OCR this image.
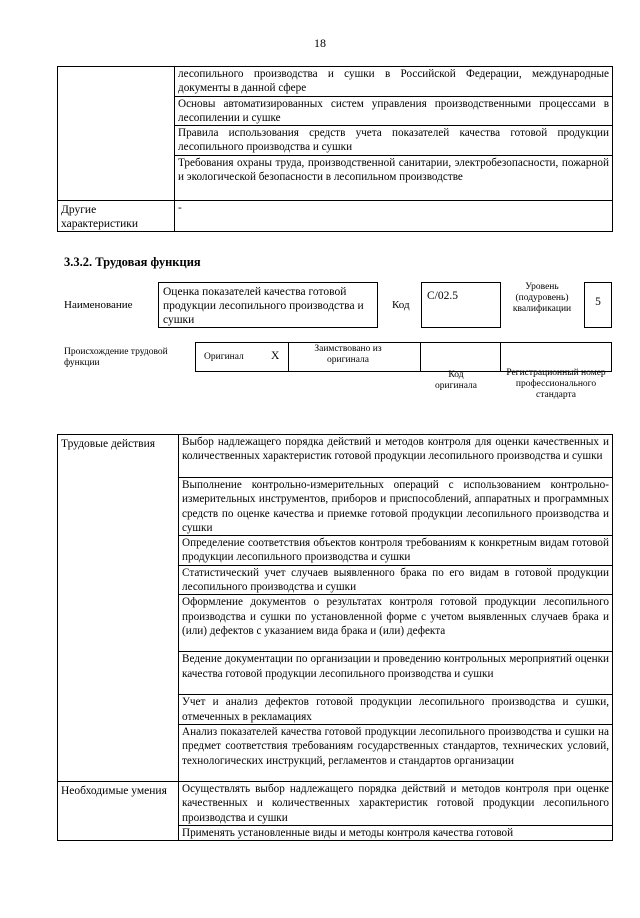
18

	лесопильного производства и сушки в Российской Федерации, международные документы в данной сфере

	Основы автоматизированных систем управления производственными процессами в лесопилении и сушке

	Правила использования средств учета показателей качества готовой продукции лесопильного производства и сушки

	Требования охраны труда, производственной санитарии, электробезопасности, пожарной и экологической безопасности в лесопильном производстве

Другие характеристики	-
3.3.2. Трудовая функция
Наименование
Оценка показателей качества готовой продукции лесопильного производства и сушки
Код
C/02.5
Уровень (подуровень) квалификации
5
Происхождение трудовой функции
Оригинал X
Заимствовано из оригинала
Код оригинала
Регистрационный номер профессионального стандарта
Трудовые действия	Выбор надлежащего порядка действий и методов контроля для оценки качественных и количественных характеристик готовой продукции лесопильного производства и сушки

	Выполнение контрольно-измерительных операций с использованием контрольно-измерительных инструментов, приборов и приспособлений, аппаратных и программных средств по оценке качества и приемке готовой продукции лесопильного производства и сушки

	Определение соответствия объектов контроля требованиям к конкретным видам готовой продукции лесопильного производства и сушки

	Статистический учет случаев выявленного брака по его видам в готовой продукции лесопильного производства и сушки

	Оформление документов о результатах контроля готовой продукции лесопильного производства и сушки по установленной форме с учетом выявленных случаев брака и (или) дефектов с указанием вида брака и (или) дефекта

	Ведение документации по организации и проведению контрольных мероприятий оценки качества готовой продукции лесопильного производства и сушки

	Учет и анализ дефектов готовой продукции лесопильного производства и сушки, отмеченных в рекламациях

	Анализ показателей качества готовой продукции лесопильного производства и сушки на предмет соответствия требованиям государственных стандартов, технических условий, технологических инструкций, регламентов и стандартов организации

Необходимые умения	Осуществлять выбор надлежащего порядка действий и методов контроля при оценке качественных и количественных характеристик готовой продукции лесопильного производства и сушки

	Применять установленные виды и методы контроля качества готовой
